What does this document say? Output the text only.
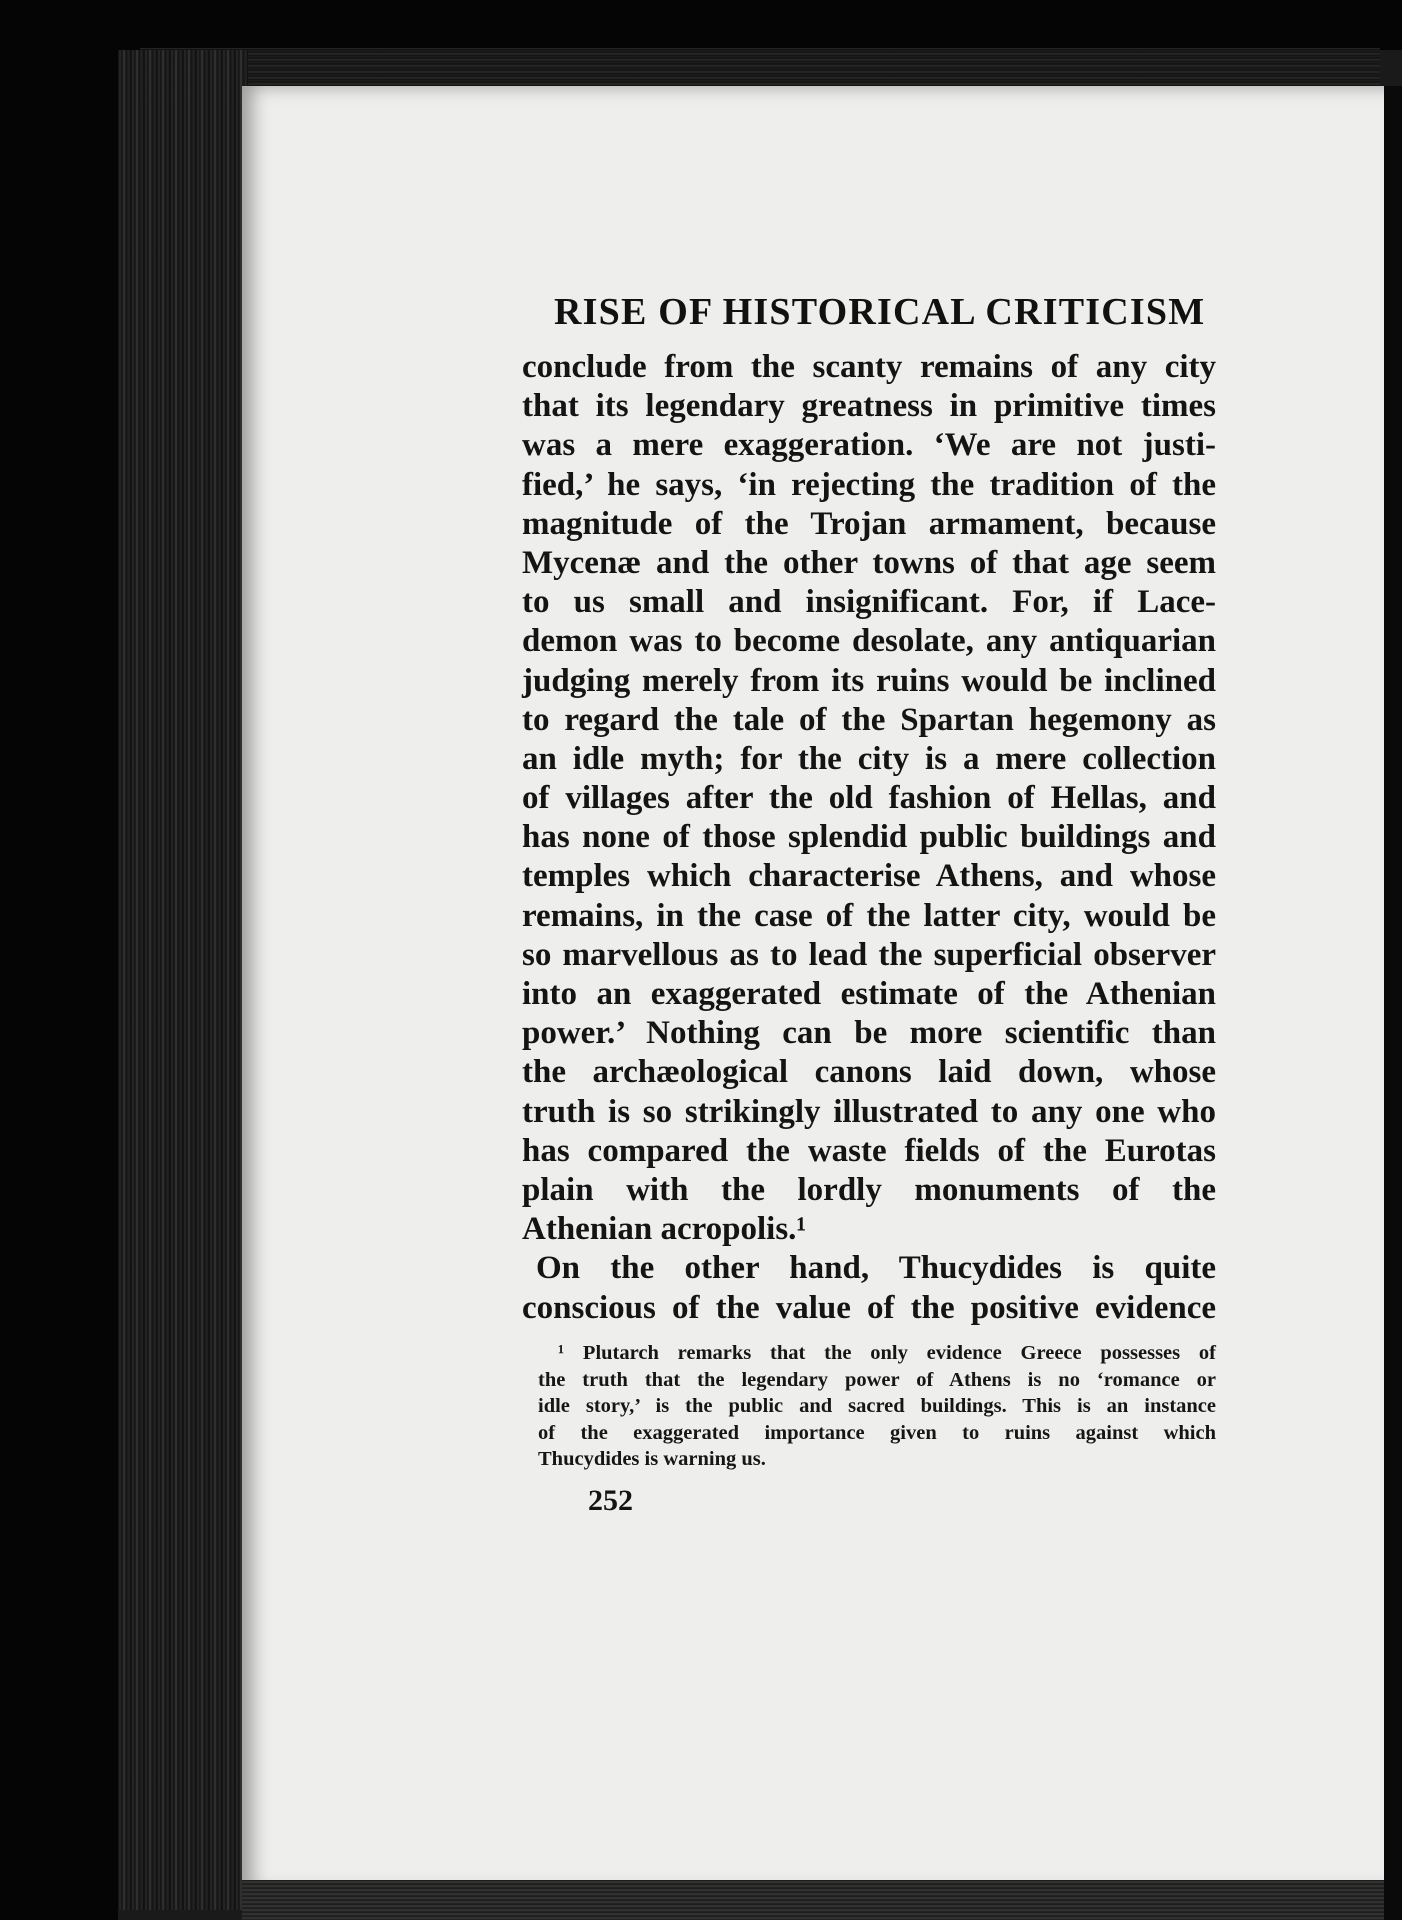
RISE OF HISTORICAL CRITICISM
conclude from the scanty remains of any city
that its legendary greatness in primitive times
was a mere exaggeration. ‘We are not justi-
fied,’ he says, ‘in rejecting the tradition of the
magnitude of the Trojan armament, because
Mycenæ and the other towns of that age seem
to us small and insignificant. For, if Lace-
demon was to become desolate, any antiquarian
judging merely from its ruins would be inclined
to regard the tale of the Spartan hegemony as
an idle myth; for the city is a mere collection
of villages after the old fashion of Hellas, and
has none of those splendid public buildings and
temples which characterise Athens, and whose
remains, in the case of the latter city, would be
so marvellous as to lead the superficial observer
into an exaggerated estimate of the Athenian
power.’ Nothing can be more scientific than
the archæological canons laid down, whose
truth is so strikingly illustrated to any one who
has compared the waste fields of the Eurotas
plain with the lordly monuments of the
Athenian acropolis.¹
On the other hand, Thucydides is quite
conscious of the value of the positive evidence
¹ Plutarch remarks that the only evidence Greece possesses of
the truth that the legendary power of Athens is no ‘romance or
idle story,’ is the public and sacred buildings. This is an instance
of the exaggerated importance given to ruins against which
Thucydides is warning us.
252
